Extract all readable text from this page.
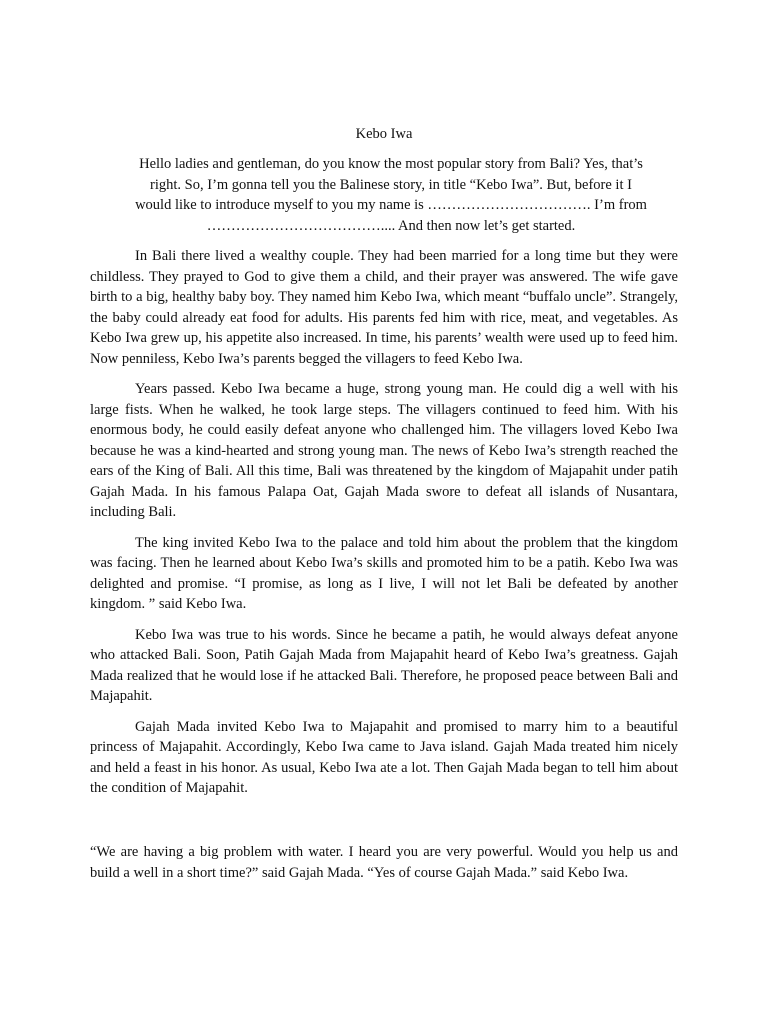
Kebo Iwa

Hello ladies and gentleman, do you know the most popular story from Bali? Yes, that’s right. So, I’m gonna tell you the Balinese story, in title “Kebo Iwa”. But, before it I would like to introduce myself to you my name is ……………………………. I’m from ……………………………….... And then now let’s get started.

In Bali there lived a wealthy couple. They had been married for a long time but they were childless. They prayed to God to give them a child, and their prayer was answered. The wife gave birth to a big, healthy baby boy. They named him Kebo Iwa, which meant “buffalo uncle”. Strangely, the baby could already eat food for adults. His parents fed him with rice, meat, and vegetables. As Kebo Iwa grew up, his appetite also increased. In time, his parents’ wealth were used up to feed him. Now penniless, Kebo Iwa’s parents begged the villagers to feed Kebo Iwa.

Years passed. Kebo Iwa became a huge, strong young man. He could dig a well with his large fists. When he walked, he took large steps. The villagers continued to feed him. With his enormous body, he could easily defeat anyone who challenged him. The villagers loved Kebo Iwa because he was a kind-hearted and strong young man. The news of Kebo Iwa’s strength reached the ears of the King of Bali. All this time, Bali was threatened by the kingdom of Majapahit under patih Gajah Mada. In his famous Palapa Oat, Gajah Mada swore to defeat all islands of Nusantara, including Bali.

The king invited Kebo Iwa to the palace and told him about the problem that the kingdom was facing. Then he learned about Kebo Iwa’s skills and promoted him to be a patih. Kebo Iwa was delighted and promise. “I promise, as long as I live, I will not let Bali be defeated by another kingdom. ” said Kebo Iwa.

Kebo Iwa was true to his words. Since he became a patih, he would always defeat anyone who attacked Bali. Soon, Patih Gajah Mada from Majapahit heard of Kebo Iwa’s greatness. Gajah Mada realized that he would lose if he attacked Bali. Therefore, he proposed peace between Bali and Majapahit.

Gajah Mada invited Kebo Iwa to Majapahit and promised to marry him to a beautiful princess of Majapahit. Accordingly, Kebo Iwa came to Java island. Gajah Mada treated him nicely and held a feast in his honor. As usual, Kebo Iwa ate a lot. Then Gajah Mada began to tell him about the condition of Majapahit.

“We are having a big problem with water. I heard you are very powerful. Would you help us and build a well in a short time?” said Gajah Mada. “Yes of course Gajah Mada.” said Kebo Iwa.
